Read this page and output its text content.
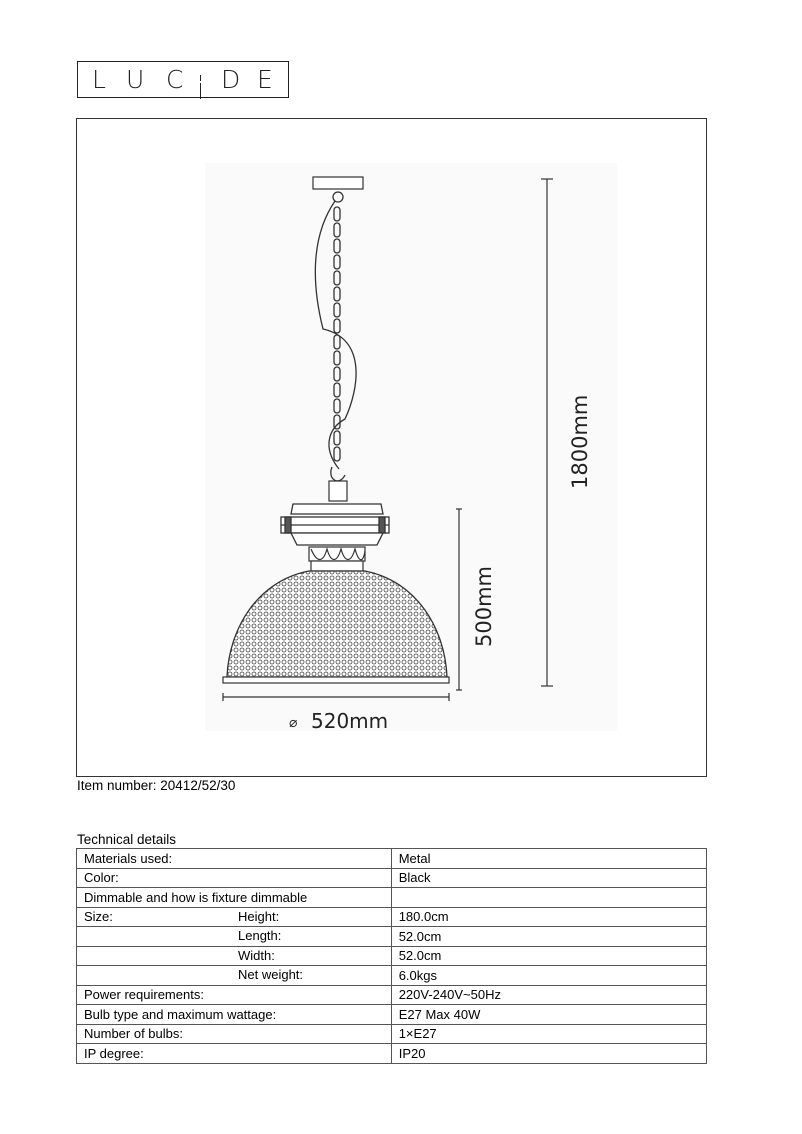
L U C D E
1800mm
500mm
⌀ 520mm
Item number: 20412/52/30
Technical details
Materials used:	Metal
Color:	Black
Dimmable and how is fixture dimmable	

Size: Height:	180.0cm

Length:	52.0cm

Width:	52.0cm

Net weight:	6.0kgs
Power requirements:	220V-240V~50Hz
Bulb type and maximum wattage:	E27 Max 40W
Number of bulbs:	1×E27
IP degree:	IP20
